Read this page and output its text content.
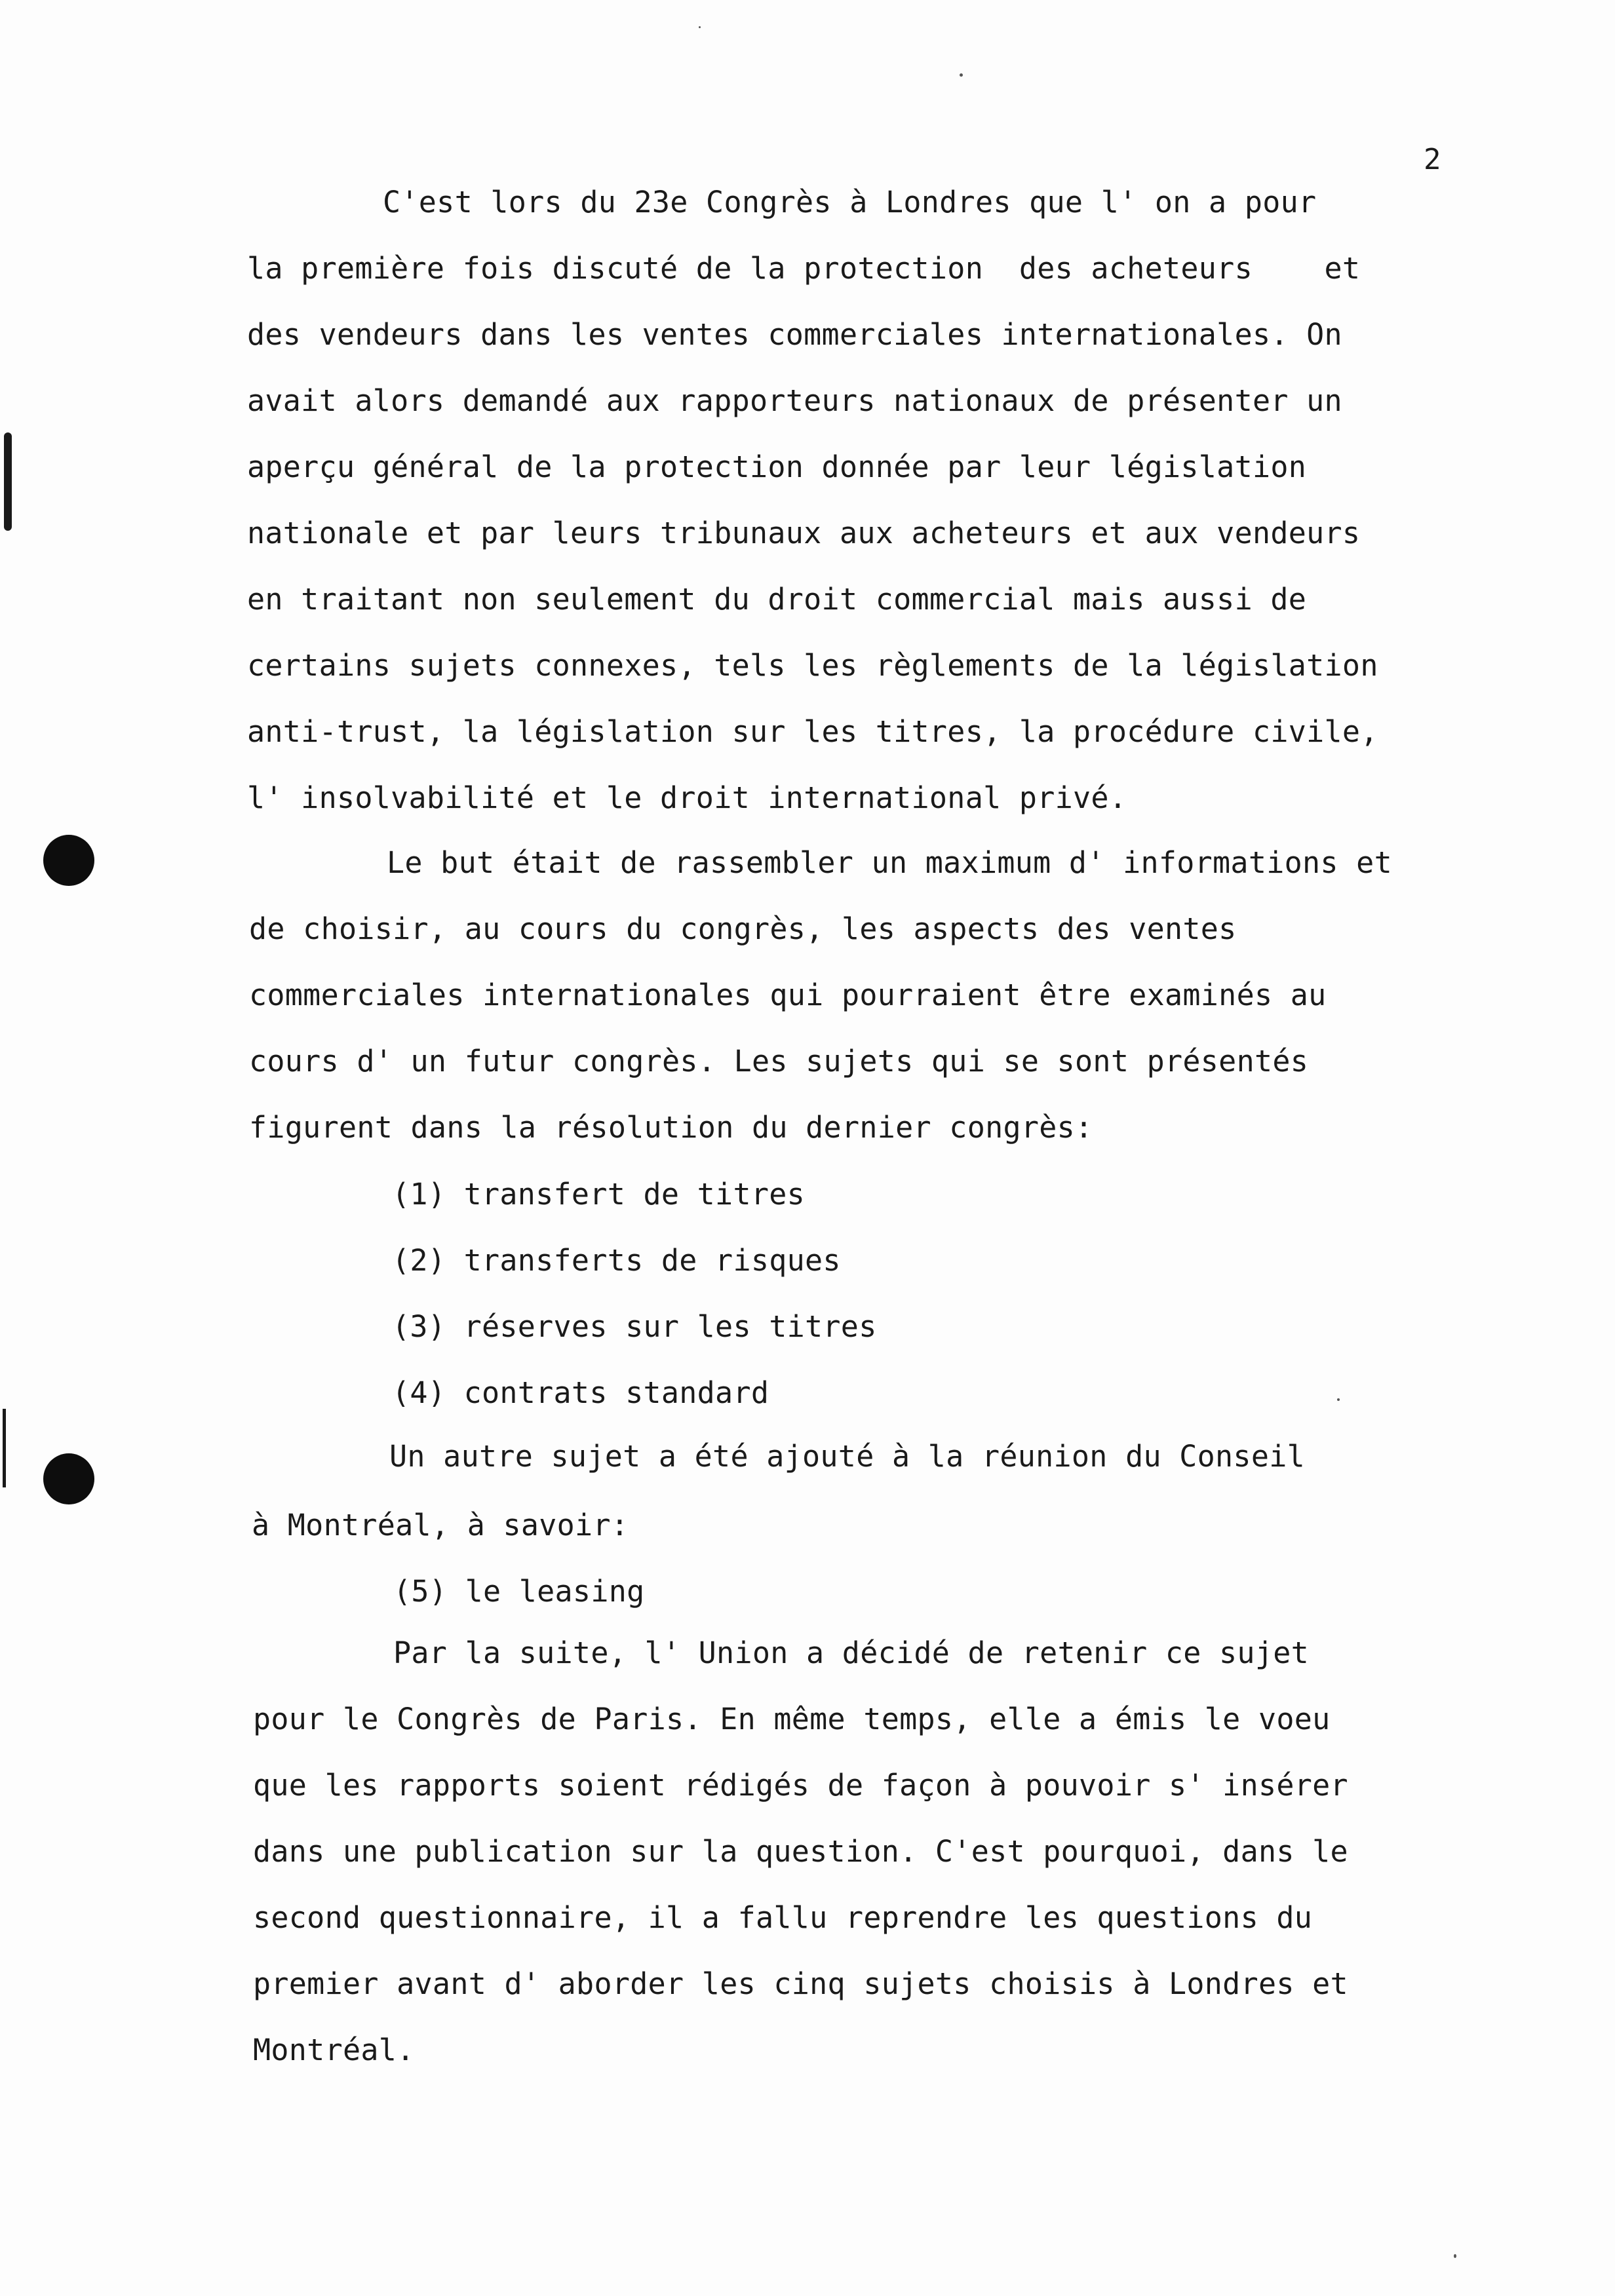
2
C'est lors du 23e Congrès à Londres que l' on a pour
la première fois discuté de la protection  des acheteurs    et
des vendeurs dans les ventes commerciales internationales. On
avait alors demandé aux rapporteurs nationaux de présenter un
aperçu général de la protection donnée par leur législation
nationale et par leurs tribunaux aux acheteurs et aux vendeurs
en traitant non seulement du droit commercial mais aussi de
certains sujets connexes, tels les règlements de la législation
anti-trust, la législation sur les titres, la procédure civile,
l' insolvabilité et le droit international privé.
Le but était de rassembler un maximum d' informations et
de choisir, au cours du congrès, les aspects des ventes
commerciales internationales qui pourraient être examinés au
cours d' un futur congrès. Les sujets qui se sont présentés
figurent dans la résolution du dernier congrès:
(1) transfert de titres
(2) transferts de risques
(3) réserves sur les titres
(4) contrats standard
Un autre sujet a été ajouté à la réunion du Conseil
à Montréal, à savoir:
(5) le leasing
Par la suite, l' Union a décidé de retenir ce sujet
pour le Congrès de Paris. En même temps, elle a émis le voeu
que les rapports soient rédigés de façon à pouvoir s' insérer
dans une publication sur la question. C'est pourquoi, dans le
second questionnaire, il a fallu reprendre les questions du
premier avant d' aborder les cinq sujets choisis à Londres et
Montréal.
